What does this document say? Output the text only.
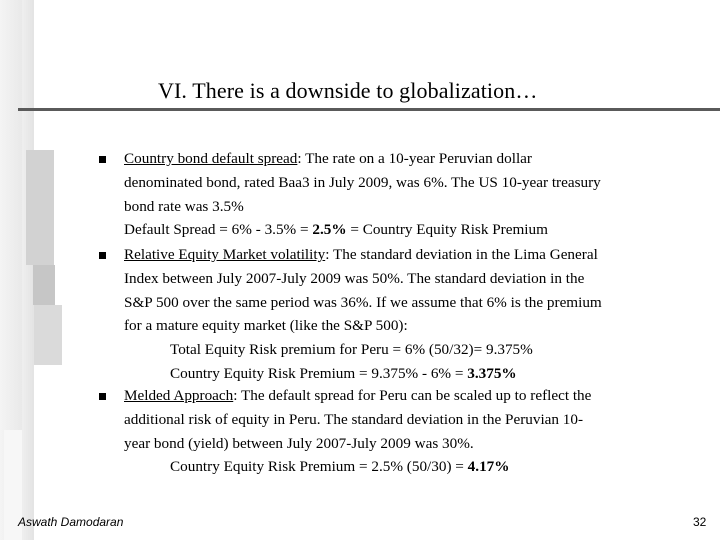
VI. There is a downside to globalization…
Country bond default spread: The rate on a 10-year Peruvian dollar
denominated bond, rated Baa3 in July 2009, was 6%. The US 10-year treasury
bond rate was 3.5%
Default Spread = 6% - 3.5% = 2.5% = Country Equity Risk Premium
Relative Equity Market volatility: The standard deviation in the Lima General
Index between July 2007-July 2009 was 50%. The standard deviation in the
S&P 500 over the same period was 36%. If we assume that 6% is the premium
for a mature equity market (like the S&P 500):
Total Equity Risk premium for Peru = 6% (50/32)= 9.375%
Country Equity Risk Premium = 9.375% - 6% = 3.375%
Melded Approach: The default spread for Peru can be scaled up to reflect the
additional risk of equity in Peru. The standard deviation in the Peruvian 10-
year bond (yield) between July 2007-July 2009 was 30%.
Country Equity Risk Premium = 2.5% (50/30) = 4.17%
Aswath Damodaran	32
